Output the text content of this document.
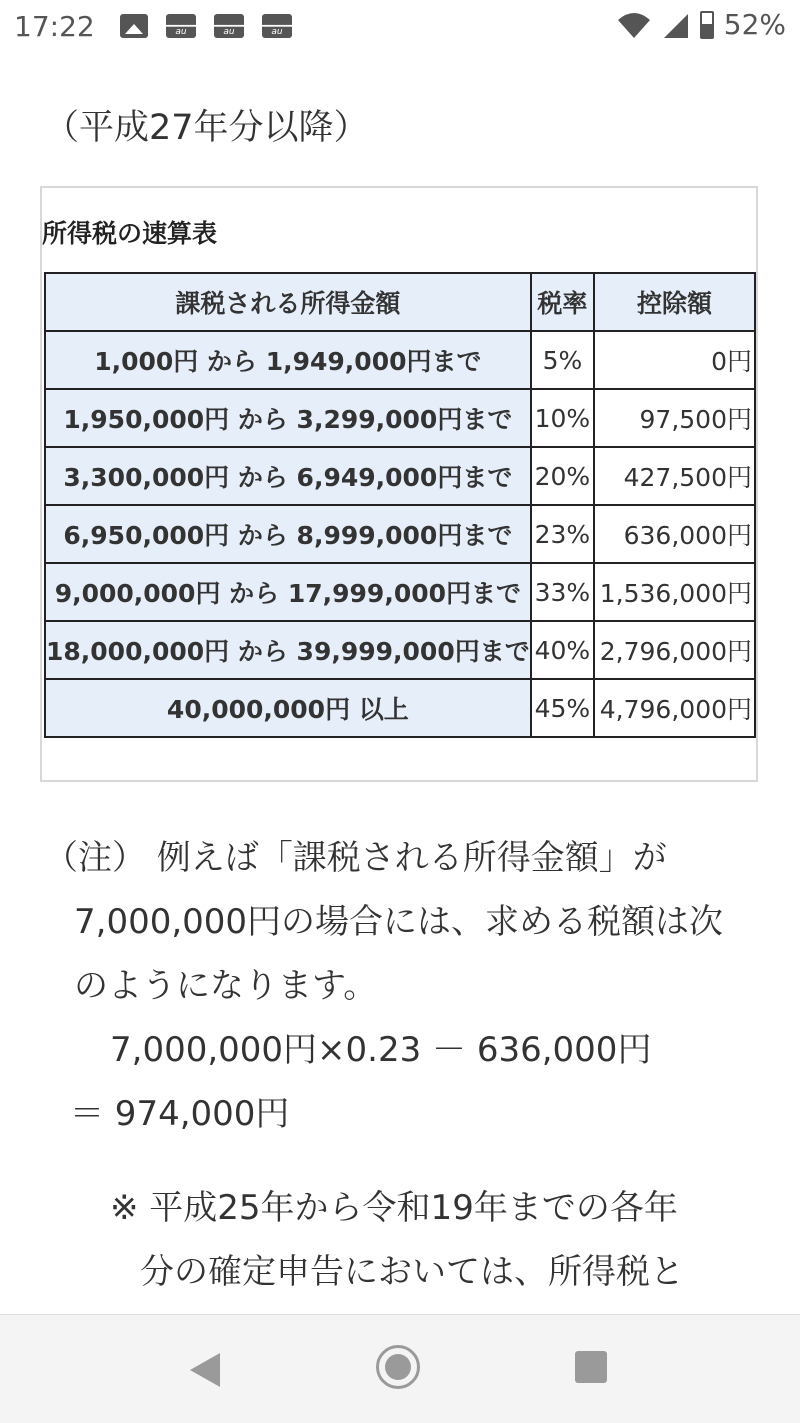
17:22	au	au	au	52%
（平成27年分以降）
所得税の速算表
課税される所得金額	税率	控除額
1,000円 から 1,949,000円まで	5%	0円
1,950,000円 から 3,299,000円まで	10%	97,500円
3,300,000円 から 6,949,000円まで	20%	427,500円
6,950,000円 から 8,999,000円まで	23%	636,000円
9,000,000円 から 17,999,000円まで	33%	1,536,000円
18,000,000円 から 39,999,000円まで	40%	2,796,000円
40,000,000円 以上	45%	4,796,000円
（注） 例えば「課税される所得金額」が
7,000,000円の場合には、求める税額は次
のようになります。
7,000,000円×0.23 － 636,000円
＝ 974,000円
※ 平成25年から令和19年までの各年
分の確定申告においては、所得税と
